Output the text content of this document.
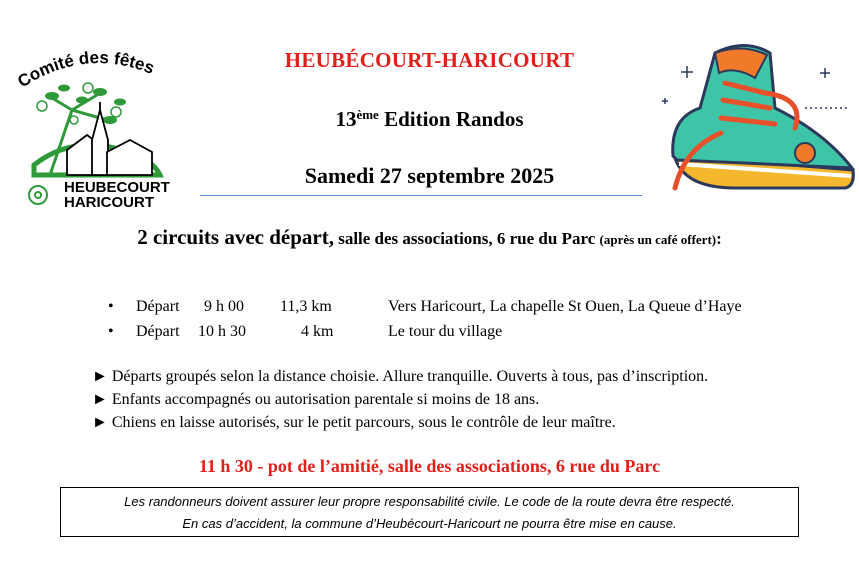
Comité des fêtes
HEUBECOURT
HARICOURT
HEUBÉCOURT-HARICOURT
13ème Edition Randos
Samedi 27 septembre 2025
2 circuits avec départ, salle des associations, 6 rue du Parc (après un café offert):
• Départ 9 h 00 11,3 km	Vers Haricourt, La chapelle St Ouen, La Queue d’Haye
• Départ 10 h 30	4 km	Le tour du village
► Départs groupés selon la distance choisie. Allure tranquille. Ouverts à tous, pas d’inscription.
► Enfants accompagnés ou autorisation parentale si moins de 18 ans.
► Chiens en laisse autorisés, sur le petit parcours, sous le contrôle de leur maître.
11 h 30 - pot de l’amitié, salle des associations, 6 rue du Parc
Les randonneurs doivent assurer leur propre responsabilité civile. Le code de la route devra être respecté.
En cas d’accident, la commune d’Heubécourt-Haricourt ne pourra être mise en cause.
